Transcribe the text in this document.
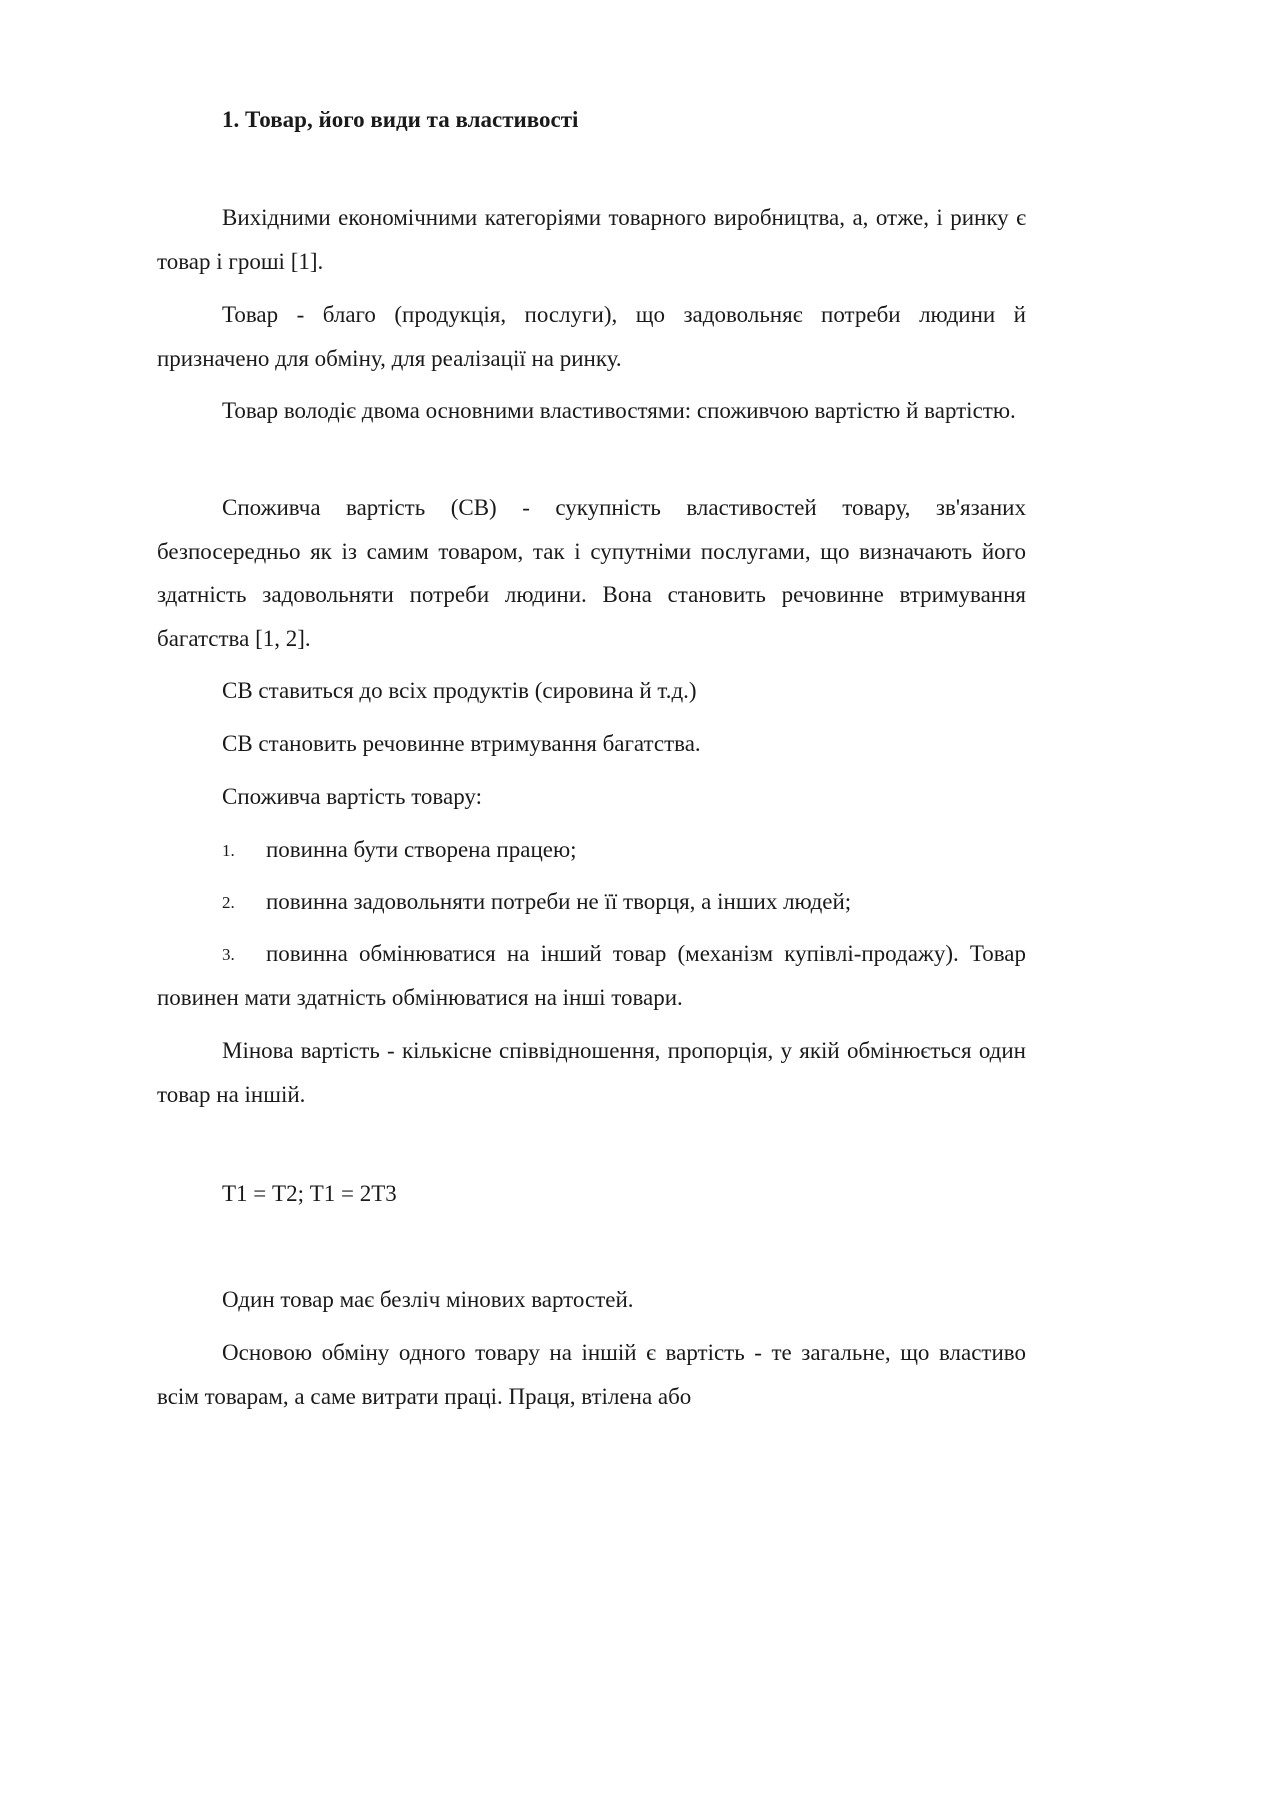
1. Товар, його види та властивості

Вихідними економічними категоріями товарного виробництва, а, отже, і ринку є товар і гроші [1].

Товар - благо (продукція, послуги), що задовольняє потреби людини й призначено для обміну, для реалізації на ринку.

Товар володіє двома основними властивостями: споживчою вартістю й вартістю.

Споживча вартість (СВ) - сукупність властивостей товару, зв'язаних безпосередньо як із самим товаром, так і супутніми послугами, що визначають його здатність задовольняти потреби людини. Вона становить речовинне втримування багатства [1, 2].

СВ ставиться до всіх продуктів (сировина й т.д.)

СВ становить речовинне втримування багатства.

Споживча вартість товару:

1. повинна бути створена працею;

2. повинна задовольняти потреби не її творця, а інших людей;

3.	повинна обмінюватися на інший товар (механізм купівлі-продажу). Товар повинен мати здатність обмінюватися на інші товари.

Мінова вартість - кількісне співвідношення, пропорція, у якій обмінюється один товар на іншій.

Т1 = Т2; Т1 = 2Т3

Один товар має безліч мінових вартостей.

Основою обміну одного товару на іншій є вартість - те загальне, що властиво всім товарам, а саме витрати праці. Праця, втілена або
